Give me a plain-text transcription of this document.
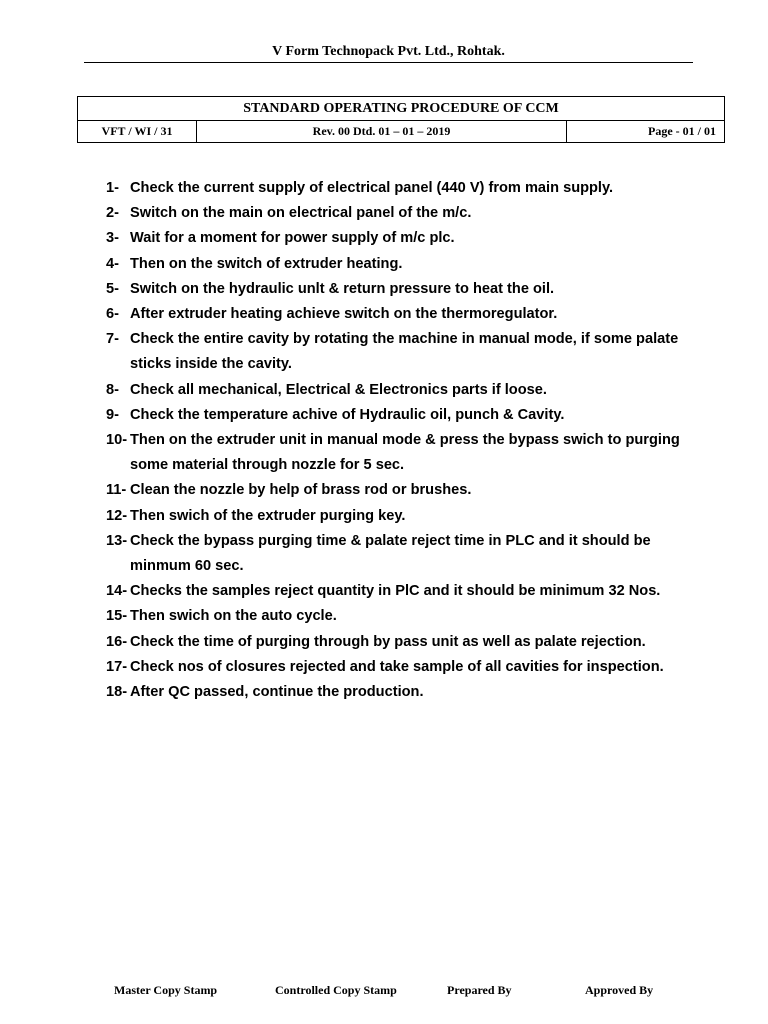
V Form Technopack Pvt. Ltd., Rohtak.
STANDARD OPERATING PROCEDURE OF CCM
VFT / WI / 31	Rev. 00 Dtd. 01 – 01 – 2019	Page - 01 / 01
1- Check the current supply of electrical panel (440 V) from main supply.
2- Switch on the main on electrical panel of the m/c.
3- Wait for a moment for power supply of m/c plc.
4- Then on the switch of extruder heating.
5- Switch on the hydraulic unlt & return pressure to heat the oil.
6- After extruder heating achieve switch on the thermoregulator.
7- Check the entire cavity by rotating the machine in manual mode, if some palate sticks inside the cavity.
8- Check all mechanical, Electrical & Electronics parts if loose.
9- Check the temperature achive of Hydraulic oil, punch & Cavity.
10- Then on the extruder unit in manual mode & press the bypass swich to purging some material through nozzle for 5 sec.
11- Clean the nozzle by help of brass rod or brushes.
12- Then swich of the extruder purging key.
13- Check the bypass purging time & palate reject time in PLC and it should be minmum 60 sec.
14- Checks the samples reject quantity in PlC and it should be minimum 32 Nos.
15- Then swich on the auto cycle.
16- Check the time of purging through by pass unit as well as palate rejection.
17- Check nos of closures rejected and take sample of all cavities for inspection.
18- After QC passed, continue the production.
Master Copy Stamp	Controlled Copy Stamp	Prepared By	Approved By
